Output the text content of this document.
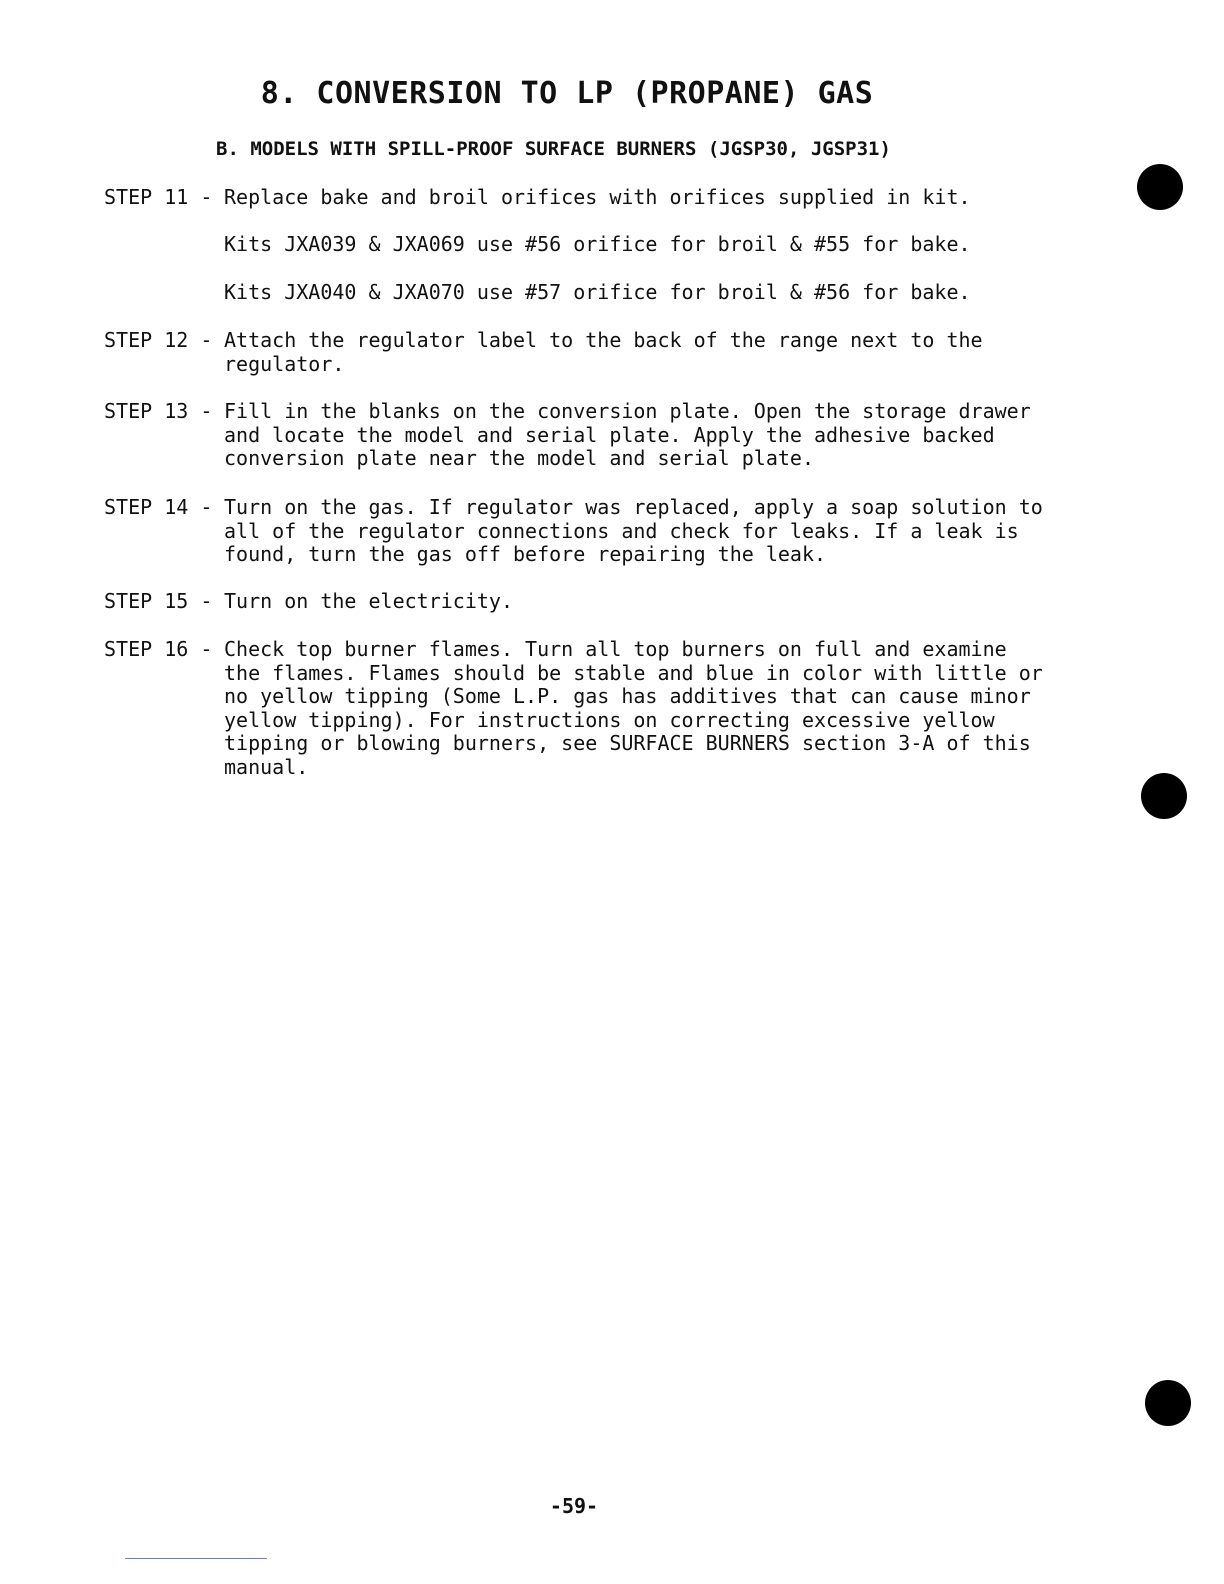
8. CONVERSION TO LP (PROPANE) GAS
B. MODELS WITH SPILL-PROOF SURFACE BURNERS (JGSP30, JGSP31)
STEP 11 - Replace bake and broil orifices with orifices supplied in kit.
Kits JXA039 & JXA069 use #56 orifice for broil & #55 for bake.
Kits JXA040 & JXA070 use #57 orifice for broil & #56 for bake.
STEP 12 - Attach the regulator label to the back of the range next to the regulator.
STEP 13 - Fill in the blanks on the conversion plate. Open the storage drawer and locate the model and serial plate. Apply the adhesive backed conversion plate near the model and serial plate.
STEP 14 - Turn on the gas. If regulator was replaced, apply a soap solution to all of the regulator connections and check for leaks. If a leak is found, turn the gas off before repairing the leak.
STEP 15 - Turn on the electricity.
STEP 16 - Check top burner flames. Turn all top burners on full and examine the flames. Flames should be stable and blue in color with little or no yellow tipping (Some L.P. gas has additives that can cause minor yellow tipping). For instructions on correcting excessive yellow tipping or blowing burners, see SURFACE BURNERS section 3-A of this manual.
-59-
